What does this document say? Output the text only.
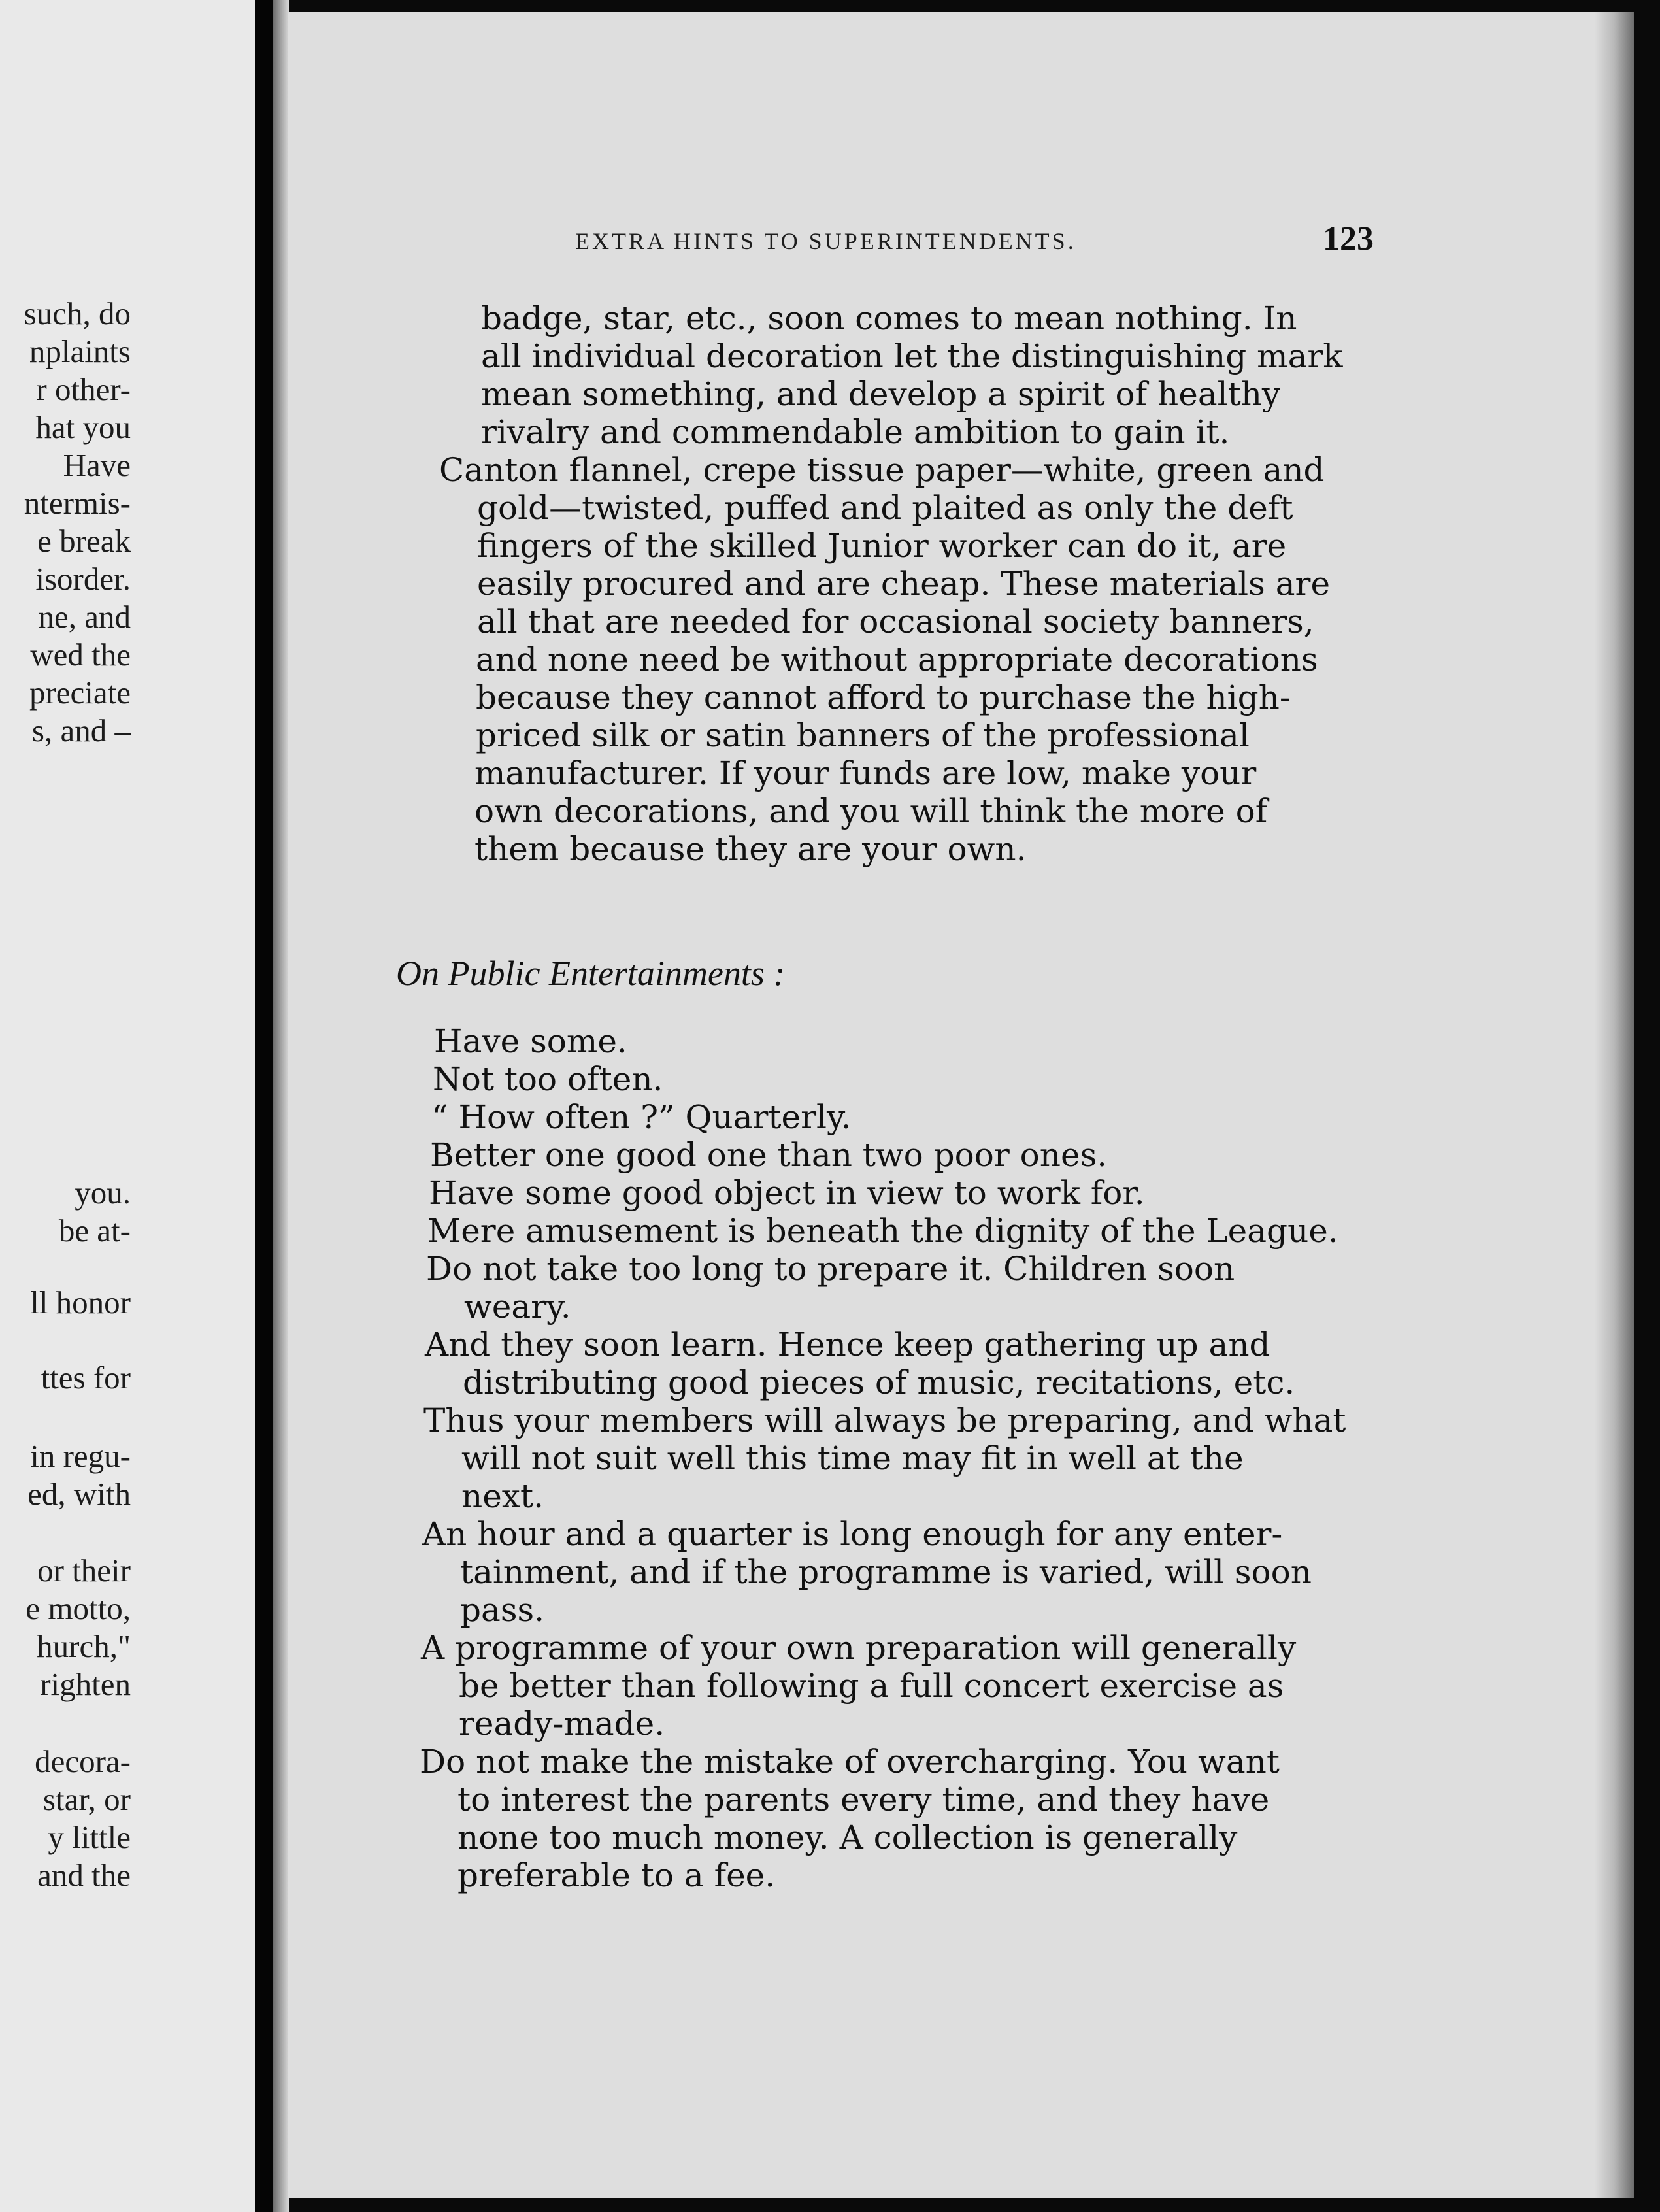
such, do
nplaints
r other-
hat you
Have
ntermis-
e break
isorder.
ne, and
wed the
preciate
s, and –
you.
be at-
ll honor
ttes for
in regu-
ed, with
or their
e motto,
hurch,"
righten
decora-
star, or
y little
and the
EXTRA HINTS TO SUPERINTENDENTS.	123
badge, star, etc., soon comes to mean nothing. In
all individual decoration let the distinguishing mark
mean something, and develop a spirit of healthy
rivalry and commendable ambition to gain it.
Canton flannel, crepe tissue paper—white, green and
gold—twisted, puffed and plaited as only the deft
fingers of the skilled Junior worker can do it, are
easily procured and are cheap. These materials are
all that are needed for occasional society banners,
and none need be without appropriate decorations
because they cannot afford to purchase the high-
priced silk or satin banners of the professional
manufacturer. If your funds are low, make your
own decorations, and you will think the more of
them because they are your own.
On Public Entertainments :
Have some.
Not too often.
“ How often ?” Quarterly.
Better one good one than two poor ones.
Have some good object in view to work for.
Mere amusement is beneath the dignity of the League.
Do not take too long to prepare it. Children soon
weary.
And they soon learn. Hence keep gathering up and
distributing good pieces of music, recitations, etc.
Thus your members will always be preparing, and what
will not suit well this time may fit in well at the
next.
An hour and a quarter is long enough for any enter-
tainment, and if the programme is varied, will soon
pass.
A programme of your own preparation will generally
be better than following a full concert exercise as
ready-made.
Do not make the mistake of overcharging. You want
to interest the parents every time, and they have
none too much money. A collection is generally
preferable to a fee.
